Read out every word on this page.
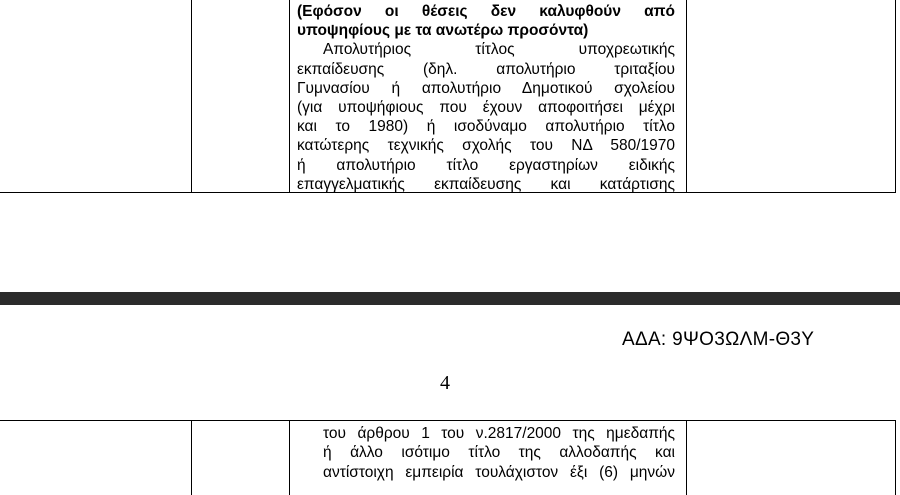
(Εφόσον οι θέσεις δεν καλυφθούν από
υποψηφίους με τα ανωτέρω προσόντα)
Απολυτήριος τίτλος υποχρεωτικής
εκπαίδευσης (δηλ. απολυτήριο τριταξίου
Γυμνασίου ή απολυτήριο Δημοτικού σχολείου
(για υποψήφιους που έχουν αποφοιτήσει μέχρι
και το 1980) ή ισοδύναμο απολυτήριο τίτλο
κατώτερης τεχνικής σχολής του ΝΔ 580/1970
ή απολυτήριο τίτλο εργαστηρίων ειδικής
επαγγελματικής εκπαίδευσης και κατάρτισης
ΑΔΑ: 9ΨΟ3ΩΛΜ-Θ3Υ
4
του άρθρου 1 του ν.2817/2000 της ημεδαπής
ή άλλο ισότιμο τίτλο της αλλοδαπής και
αντίστοιχη εμπειρία τουλάχιστον έξι (6) μηνών
